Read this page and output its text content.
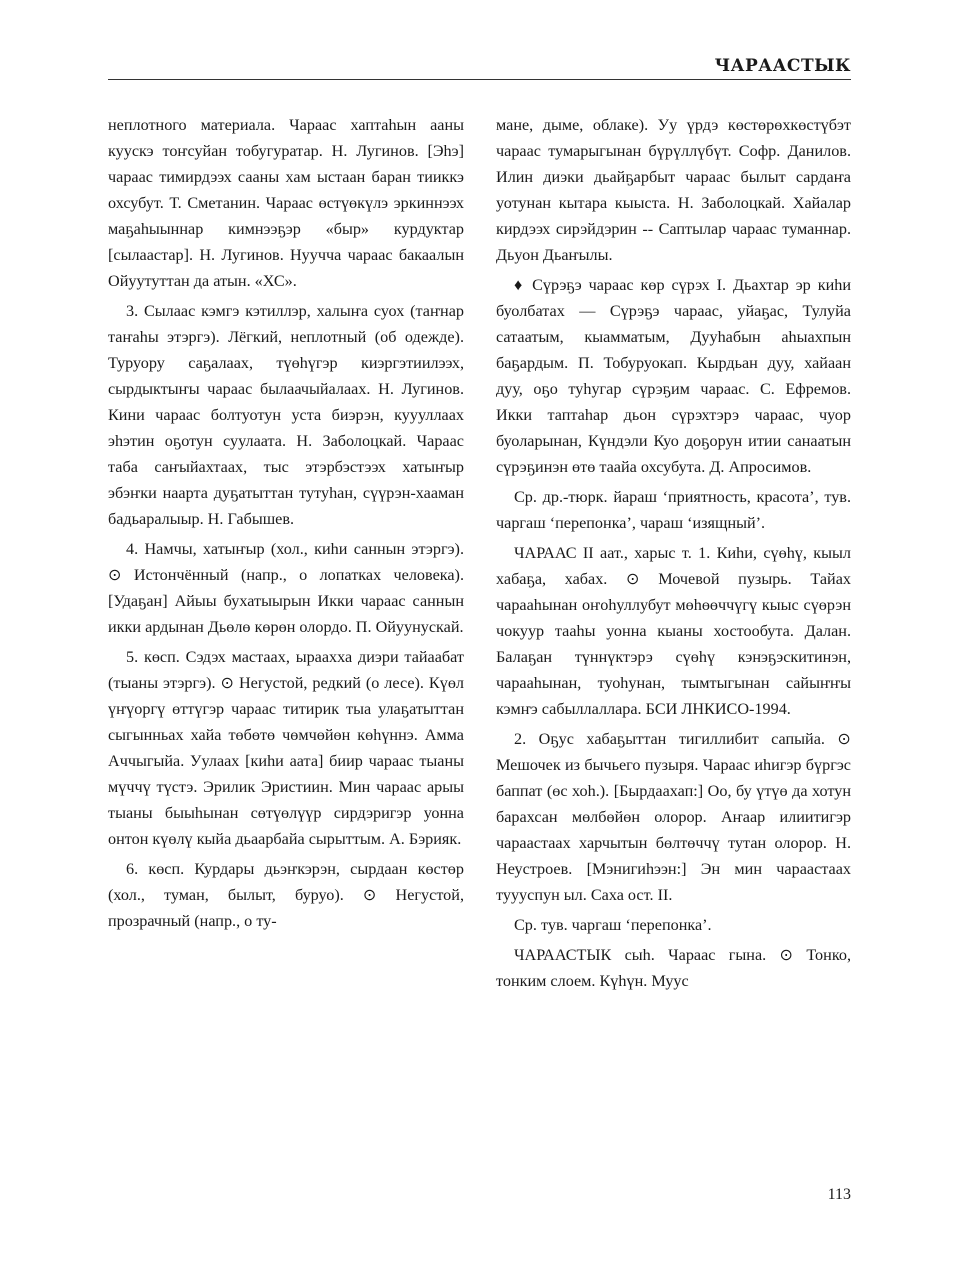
ЧАРААСТЫК

неплотного материала. Чараас хаптаһын ааны куускэ тоҥсуйан тобугуратар. Н. Лугинов. [Эһэ] чараас тимирдээх сааны хам ыстаан баран тииккэ охсубут. Т. Сметанин. Чараас өстүөкүлэ эркиннээх маҕаһыыннар кимнээҕэр «быр» курдуктар [сылаастар]. Н. Лугинов. Нуучча чараас бакаалын Ойуутуттан да атын. «ХС».

3. Сылаас кэмгэ кэтиллэр, халыҥа суох (таҥнар таҥаһы этэргэ). Лёгкий, неплотный (об одежде). Туруору саҕалаах, түөһүгэр киэргэтиилээх, сырдыктыҥы чараас былаачыйалаах. Н. Лугинов. Кини чараас болтуотун уста биэрэн, куууллаах эһэтин оҕотун суулаата. Н. Заболоцкай. Чараас таба саҥыйахтаах, тыс этэрбэстээх хатыҥыр эбэҥки наарта дуҕатыттан тутуһан, сүүрэн-хааман бадьаралыыр. Н. Габышев.

4. Намчы, хатыҥыр (хол., киһи саннын этэргэ). ⊙ Истончённый (напр., о лопатках человека). [Удаҕан] Айыы бухатыырын Икки чараас саннын икки ардынан Дьөлө көрөн олордо. П. Ойуунускай.

5. көсп. Сэдэх мастаах, ыраахха диэри тайаабат (тыаны этэргэ). ⊙ Негустой, редкий (о лесе). Күөл үҥүоргү өттүгэр чараас титирик тыа улаҕатыттан сыгынньах хайа төбөтө чөмчөйөн көһүннэ. Амма Аччыгыйа. Уулаах [киһи аата] биир чараас тыаны мүччү түстэ. Эрилик Эристиин. Мин чараас арыы тыаны быыһынан сөтүөлүүр сирдэригэр уонна онтон күөлү кыйа дьаарбайа сырыттым. А. Бэрияк.

6. көсп. Курдары дьэҥкэрэн, сырдаан көстөр (хол., туман, былыт, буруо). ⊙ Негустой, прозрачный (напр., о ту-

мане, дыме, облаке). Уу үрдэ көстөрөхкөстүбэт чараас тумарыгынан бүрүллүбүт. Софр. Данилов. Илин диэки дьайҕарбыт чараас былыт сардаҥа уотунан кытара кыыста. Н. Заболоцкай. Хайалар кирдээх сирэйдэрин -- Саптылар чараас туманнар. Дьуон Дьаҥылы.

♦ Сүрэҕэ чараас көр сүрэх I. Дьахтар эр киһи буолбатах — Сүрэҕэ чараас, уйаҕас, Тулуйа сатаатым, кыамматым, Дууһабын аһыахпын баҕардым. П. Тобуруокап. Кырдьан дуу, хайаан дуу, оҕо туһугар сүрэҕим чараас. С. Ефремов. Икки таптаһар дьон сүрэхтэрэ чараас, чуор буоларынан, Күндэли Куо доҕорун итии санаатын сүрэҕинэн өтө таайа охсубута. Д. Апросимов.

Ср. др.-тюрк. йараш ‘приятность, красота’, тув. чаргаш ‘перепонка’, чараш ‘изящный’.

ЧАРААС II аат., харыс т. 1. Киһи, сүөһү, кыыл хабаҕа, хабах. ⊙ Мочевой пузырь. Тайах чарааһынан оҥоһуллубут мөһөөччүгү кыыс сүөрэн чокуур тааһы уонна кыаны хостообута. Далан. Балаҕан түннүктэрэ сүөһү кэнэҕэскитинэн, чарааһынан, туоһунан, тымтыгынан сайыҥҥы кэмҥэ сабыллаллара. БСИ ЛНКИСО-1994.

2. Оҕус хабаҕыттан тигиллибит сапыйа. ⊙ Мешочек из бычьего пузыря. Чараас иһигэр бүргэс баппат (өс хоһ.). [Бырдаахап:] Оо, бу үтүө да хотун барахсан мөлбөйөн олорор. Аҥаар илиитигэр чараастаах харчытын бөлтөччү тутан олорор. Н. Неустроев. [Мэнигиһээн:] Эн мин чараастаах туууспун ыл. Саха ост. II.

Ср. тув. чаргаш ‘перепонка’.

ЧАРААСТЫК сыһ. Чараас гына. ⊙ Тонко, тонким слоем. Күһүн. Муус

113
